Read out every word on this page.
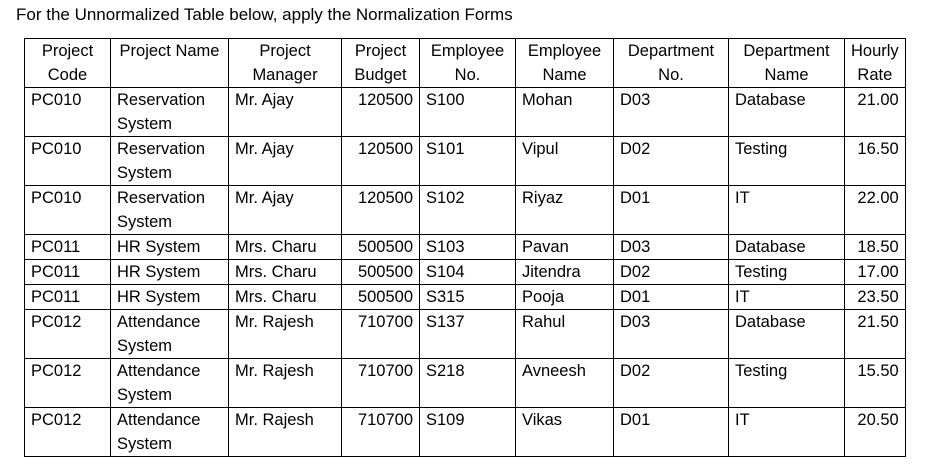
For the Unnormalized Table below, apply the Normalization Forms
Project Code	Project Name	Project Manager	Project Budget	Employee No.	Employee Name	Department No.	Department Name	Hourly Rate
PC010	Reservation System	Mr. Ajay	120500	S100	Mohan	D03	Database	21.00
PC010	Reservation System	Mr. Ajay	120500	S101	Vipul	D02	Testing	16.50
PC010	Reservation System	Mr. Ajay	120500	S102	Riyaz	D01	IT	22.00
PC011	HR System	Mrs. Charu	500500	S103	Pavan	D03	Database	18.50
PC011	HR System	Mrs. Charu	500500	S104	Jitendra	D02	Testing	17.00
PC011	HR System	Mrs. Charu	500500	S315	Pooja	D01	IT	23.50
PC012	Attendance System	Mr. Rajesh	710700	S137	Rahul	D03	Database	21.50
PC012	Attendance System	Mr. Rajesh	710700	S218	Avneesh	D02	Testing	15.50
PC012	Attendance System	Mr. Rajesh	710700	S109	Vikas	D01	IT	20.50
